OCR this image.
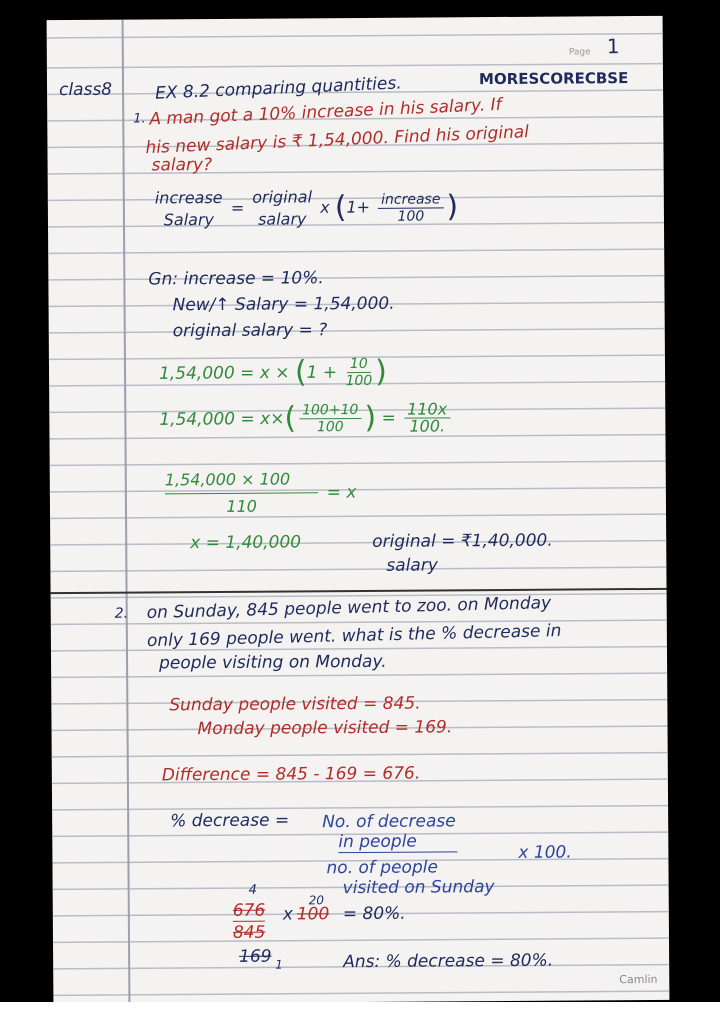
Page 1
class8	EX 8.2 comparing quantities.	MORESCORECBSE
1. A man got a 10% increase in his salary. If
his new salary is ₹ 1,54,000. Find his original
salary?
increase
Salary
=
original
salary
x ($1+ \frac{\text{increase}}{100}$ )
Gn: increase = 10%.
New/↑ Salary = 1,54,000.
original salary = ?
$1,54,000 = x \times (1 + \frac{10}{100}$ )
$1,54,000 = x\times( \frac{100+10}{100}$ ) = $\frac{110x}{100.}$
$\frac{1,54,000 \times 100}{110} = x$
x = 1,40,000	original = ₹1,40,000.
salary
2. on Sunday, 845 people went to zoo. on Monday
only 169 people went. what is the % decrease in
people visiting on Monday.
Sunday people visited = 845.
Monday people visited = 169.
Difference = 845 - 169 = 676.
% decrease = No. of decrease
in people
no. of people
visited on Sunday
x 100.
4
20
676 x 100 = 80%.
845
169 1	Ans: % decrease = 80%.
Camlin
